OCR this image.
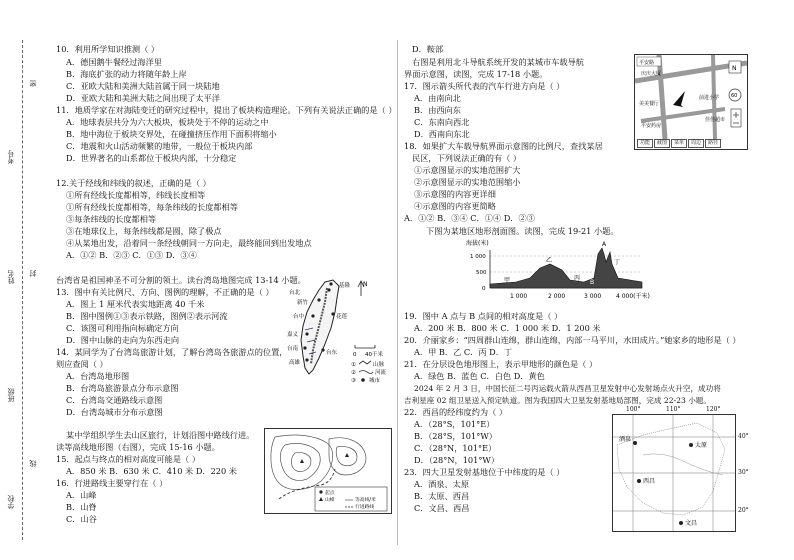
学校
班级
姓名
考号
密
封
线
10．利用所学知识推测（ ）
A．德国鹅牛餐经过海洋里
B．海底扩张的动力将随年龄上岸
C．亚欧大陆和美洲大陆首属于同一块陆地
D．亚欧大陆和美洲大陆之间出现了太平洋
11．地质学家在对海陆变迁的研究过程中，提出了板块构造理论。下列有关说法正确的是（ ）
A．地球表层共分为六大板块，板块处于不停的运动之中
B．地中海位于板块交界处，在碰撞挤压作用下面积将缩小
C．地震和火山活动频繁的地带，一般位于板块内部
D．世界著名的山系都位于板块内部，十分稳定
12.关于经线和纬线的叙述，正确的是（ ）
①所有经线长度都相等，纬线长度相等
①所有经线长度都相等，每条纬线的长度都相等
③每条纬线的长度都相等
③在地球仪上，每条纬线都是圆，除了极点
④从某地出发，沿着同一条经线朝同一方向走，最终能回到出发地点
A．①② B．②③ C．①③ D．③④
台湾省是祖国神圣不可分割的领土。读台湾岛地图完成 13-14 小题。
13．图中有关比例尺、方向、图例的理解，不正确的是（ ）
A．图上 1 厘米代表实地距离 40 千米
B．图中图例①③表示铁路，图例②表示河流
C．该图可利用指向标确定方向
D．图中山脉的走向为东西走向
14．某同学为了台湾岛旅游计划，了解台湾岛各旅游点的位置，
则应查阅（ ）
A．台湾岛地形图
B．台湾岛旅游景点分布示意图
C．台湾岛交通路线示意图
D．台湾岛城市分布示意图
某中学组织学生去山区旅行，计划沿图中路线行进。
读等高线地形图（右图），完成 15-16 小题。
15．起点与终点的相对高度可能是（ ）
A．850 米 B．630 米 C．410 米 D．220 米
16．行进路线主要穿行在（ ）
A．山峰
B．山脊
C．山谷
D．鞍部
右图是利用北斗导航系统开发的某城市车载导航
界面示意图，读图，完成 17-18 小题。
17．图示箭头所代表的汽车行进方向是（ ）
A．由南向北
B．由西向东
C．东南向西北
D．西南向东北
18．如果扩大车载导航界面示意图的比例尺，查找某居
民区，下列说法正确的有（ ）
①示意图显示的实地范围扩大
②示意图显示的实地范围缩小
③示意图的内容更详细
④示意图的内容更简略
A．①② B．③④ C．①④ D．②③
下图为某地区地形剖面图。读图，完成 19-21 小题。
19．图中 A 点与 B 点间的相对高度是（ ）
A．200 米 B．800 米 C．1 000 米 D．1 200 米
20．介丽家乡：“四周群山连绵，群山连绵，内部一马平川，水田成片。”她家乡的地形是（ ）
A．甲 B．乙 C．丙 D．丁
21．在分层设色地形图上，表示甲地形的颜色是（ ）
A．绿色 B．蓝色 C．白色 D．黄色
2024 年 2 月 3 日，中国长征二号丙运载火箭从西昌卫星发射中心发射场点火升空，成功将
吉利星座 02 组卫星送入预定轨道。图为我国四大卫星发射基地局部图，完成 22-23 小题。
22．西昌的经纬度约为（ ）
A．（28°S，101°E）
B．（28°S，101°W）
C．（28°N，101°E）
D．（28°N，101°W）
23．四大卫星发射基地位于中纬度的是（ ）
A．酒泉、太原
B．太原、西昌
C．文昌、西昌
基隆
台北
新竹
台中
嘉义
台南
高雄
花莲
台东
N
0 40千米
①	山脉
②	河流
③ 城市
起点
山峰	等高线/米
行进路线
平安路
庆庆大厦
美美餐厅
平安药房
前进小学
佳佳超市
N
60
功能	截图	菜单	周边	路径
海拔(米)
1 000
500
0
A
B
甲
乙
丙
丁
1 000	2 000	3 000 4 000(千米)
酒泉
太原
西昌
文昌
100°	110°	120°
40°
30°
20°
